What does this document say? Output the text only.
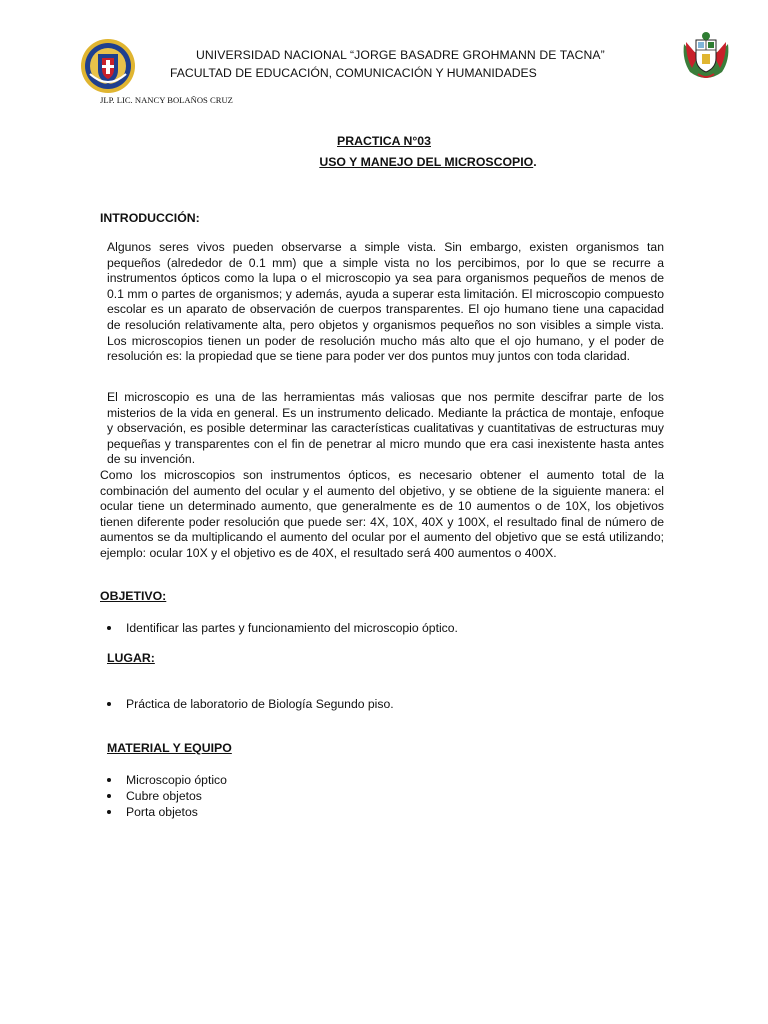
UNIVERSIDAD NACIONAL “JORGE BASADRE GROHMANN DE TACNA”
FACULTAD DE EDUCACIÓN, COMUNICACIÓN Y HUMANIDADES
JLP. LIC. NANCY BOLAÑOS CRUZ
PRACTICA N°03
USO Y MANEJO DEL MICROSCOPIO.
INTRODUCCIÓN:

Algunos seres vivos pueden observarse a simple vista. Sin embargo, existen organismos tan pequeños (alrededor de 0.1 mm) que a simple vista no los percibimos, por lo que se recurre a instrumentos ópticos como la lupa o el microscopio ya sea para organismos pequeños de menos de 0.1 mm o partes de organismos; y además, ayuda a superar esta limitación. El microscopio compuesto escolar es un aparato de observación de cuerpos transparentes. El ojo humano tiene una capacidad de resolución relativamente alta, pero objetos y organismos pequeños no son visibles a simple vista. Los microscopios tienen un poder de resolución mucho más alto que el ojo humano, y el poder de resolución es: la propiedad que se tiene para poder ver dos puntos muy juntos con toda claridad.

El microscopio es una de las herramientas más valiosas que nos permite descifrar parte de los misterios de la vida en general. Es un instrumento delicado. Mediante la práctica de montaje, enfoque y observación, es posible determinar las características cualitativas y cuantitativas de estructuras muy pequeñas y transparentes con el fin de penetrar al micro mundo que era casi inexistente hasta antes de su invención.

Como los microscopios son instrumentos ópticos, es necesario obtener el aumento total de la combinación del aumento del ocular y el aumento del objetivo, y se obtiene de la siguiente manera: el ocular tiene un determinado aumento, que generalmente es de 10 aumentos o de 10X, los objetivos tienen diferente poder resolución que puede ser: 4X, 10X, 40X y 100X, el resultado final de número de aumentos se da multiplicando el aumento del ocular por el aumento del objetivo que se está utilizando; ejemplo: ocular 10X y el objetivo es de 40X, el resultado será 400 aumentos o 400X.

OBJETIVO:
Identificar las partes y funcionamiento del microscopio óptico.
LUGAR:
Práctica de laboratorio de Biología Segundo piso.
MATERIAL Y EQUIPO
Microscopio óptico
Cubre objetos
Porta objetos
